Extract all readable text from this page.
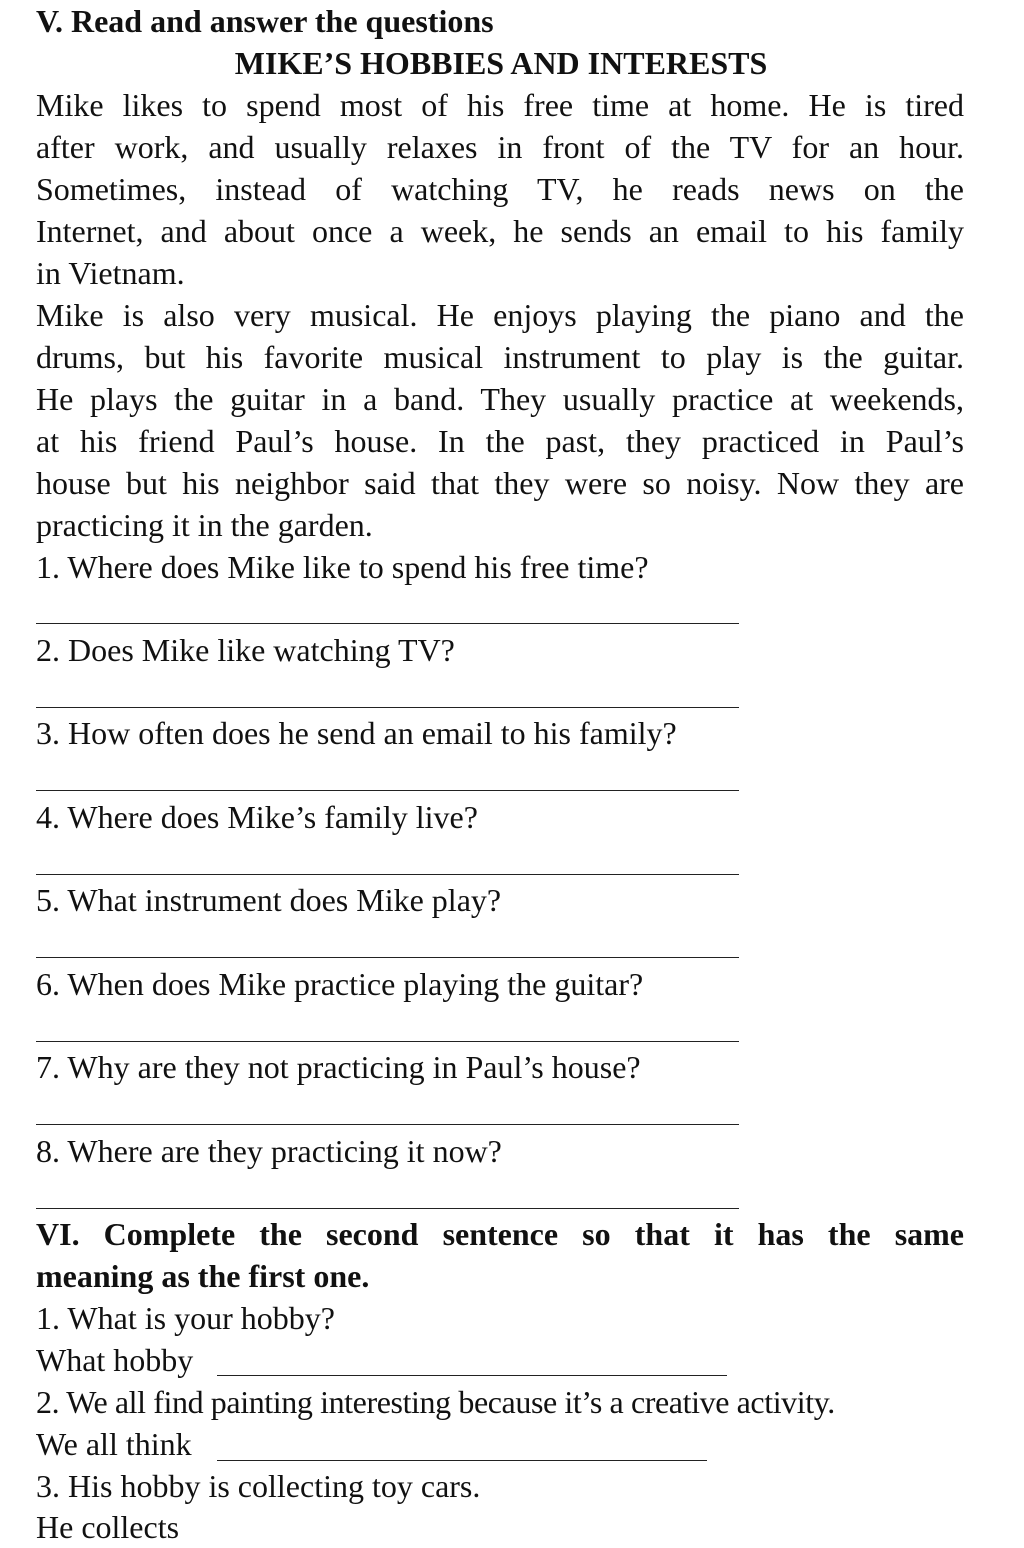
V. Read and answer the questions
MIKE’S HOBBIES AND INTERESTS
Mike likes to spend most of his free time at home. He is tired
after work, and usually relaxes in front of the TV for an hour.
Sometimes, instead of watching TV, he reads news on the
Internet, and about once a week, he sends an email to his family
in Vietnam.
Mike is also very musical. He enjoys playing the piano and the
drums, but his favorite musical instrument to play is the guitar.
He plays the guitar in a band. They usually practice at weekends,
at his friend Paul’s house. In the past, they practiced in Paul’s
house but his neighbor said that they were so noisy. Now they are
practicing it in the garden.
1. Where does Mike like to spend his free time?
2. Does Mike like watching TV?
3. How often does he send an email to his family?
4. Where does Mike’s family live?
5. What instrument does Mike play?
6. When does Mike practice playing the guitar?
7. Why are they not practicing in Paul’s house?
8. Where are they practicing it now?
VI. Complete the second sentence so that it has the same
meaning as the first one.
1. What is your hobby?
What hobby
2. We all find painting interesting because it’s a creative activity.
We all think
3. His hobby is collecting toy cars.
He collects
